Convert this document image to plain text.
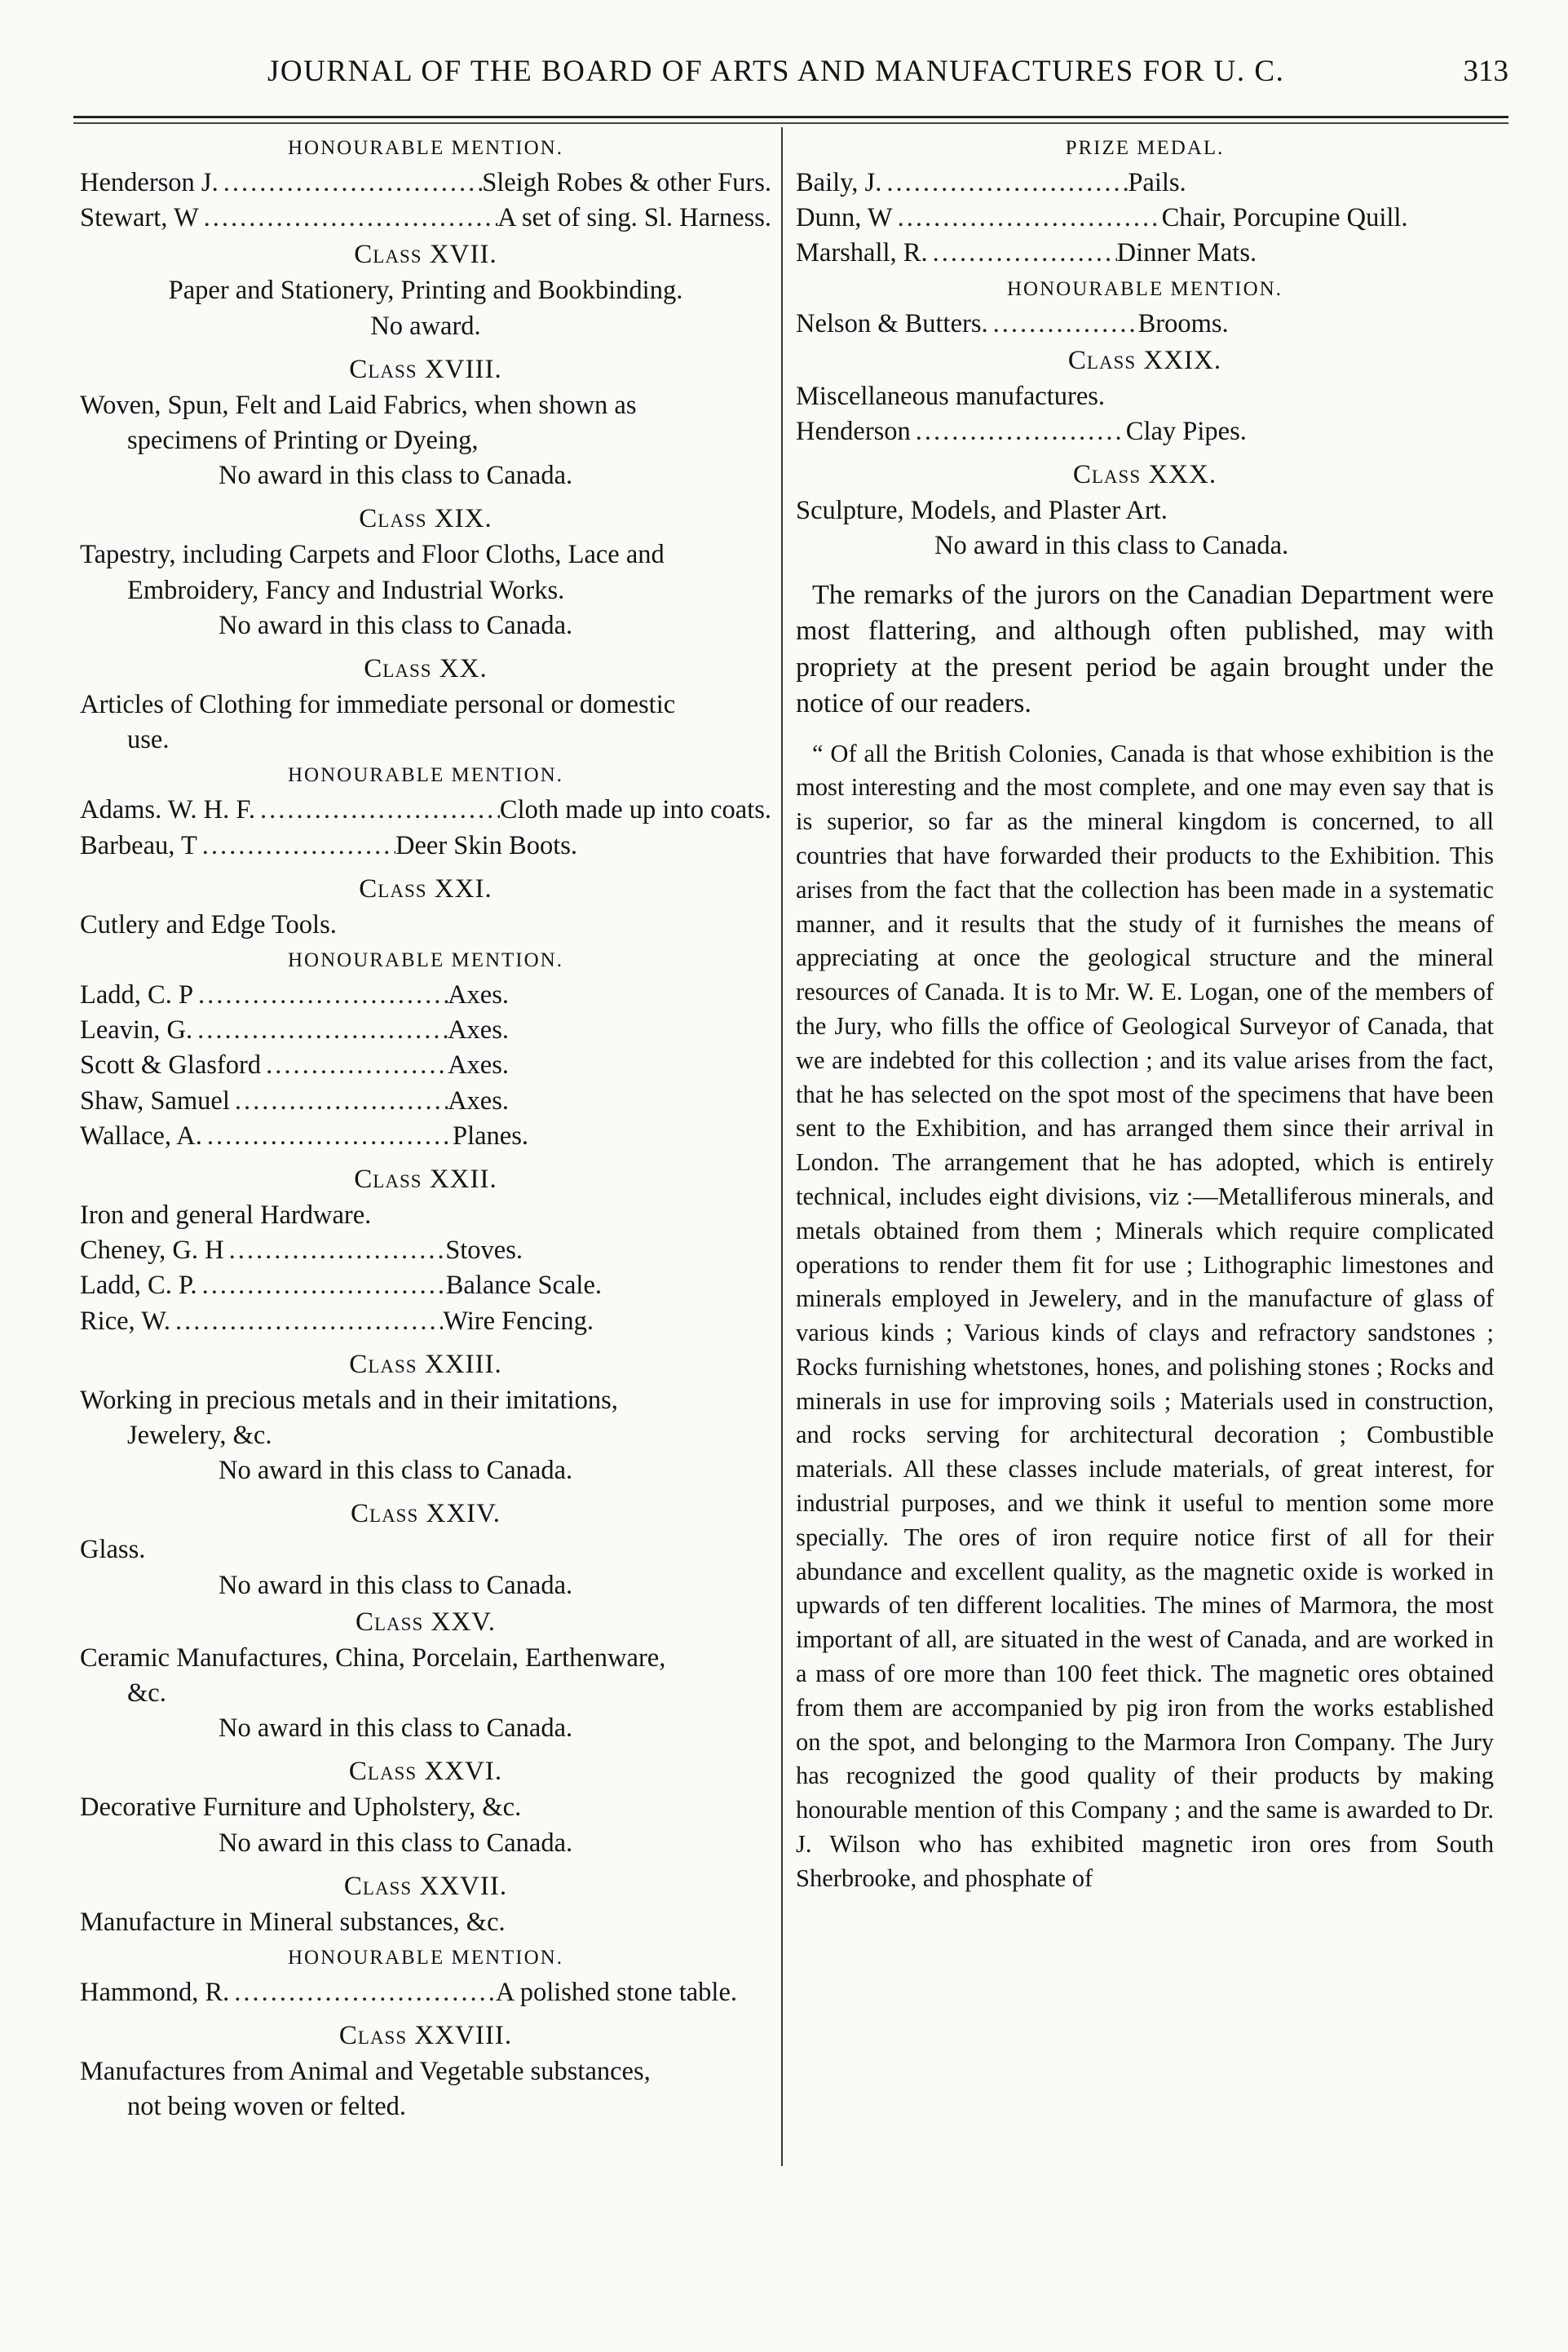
JOURNAL OF THE BOARD OF ARTS AND MANUFACTURES FOR U. C.	313
HONOURABLE MENTION.
Henderson J. .....	Sleigh Robes & other Furs.
Stewart, W .....	A set of sing. Sl. Harness.
Class XVII.
Paper and Stationery, Printing and Bookbinding.
No award.
Class XVIII.
Woven, Spun, Felt and Laid Fabrics, when shown as
specimens of Printing or Dyeing,
No award in this class to Canada.
Class XIX.
Tapestry, including Carpets and Floor Cloths, Lace and
Embroidery, Fancy and Industrial Works.
No award in this class to Canada.
Class XX.
Articles of Clothing for immediate personal or domestic
use.
HONOURABLE MENTION.
Adams. W. H. F. .....	Cloth made up into coats.
Barbeau, T .....	Deer Skin Boots.
Class XXI.
Cutlery and Edge Tools.
HONOURABLE MENTION.
Ladd, C. P .....	Axes.
Leavin, G. .....	Axes.
Scott & Glasford .....	Axes.
Shaw, Samuel .....	Axes.
Wallace, A. .....	Planes.
Class XXII.
Iron and general Hardware.
Cheney, G. H .....	Stoves.
Ladd, C. P. .....	Balance Scale.
Rice, W. .....	Wire Fencing.
Class XXIII.
Working in precious metals and in their imitations,
Jewelery, &c.
No award in this class to Canada.
Class XXIV.
Glass.
No award in this class to Canada.
Class XXV.
Ceramic Manufactures, China, Porcelain, Earthenware,
&c.
No award in this class to Canada.
Class XXVI.
Decorative Furniture and Upholstery, &c.
No award in this class to Canada.
Class XXVII.
Manufacture in Mineral substances, &c.
HONOURABLE MENTION.
Hammond, R. .....	A polished stone table.
Class XXVIII.
Manufactures from Animal and Vegetable substances,
not being woven or felted.
PRIZE MEDAL.
Baily, J. .....	Pails.
Dunn, W .....	Chair, Porcupine Quill.
Marshall, R. .....	Dinner Mats.
HONOURABLE MENTION.
Nelson & Butters. .....	Brooms.
Class XXIX.
Miscellaneous manufactures.
Henderson .....	Clay Pipes.
Class XXX.
Sculpture, Models, and Plaster Art.
No award in this class to Canada.
The remarks of the jurors on the Canadian Department were most flattering, and although often published, may with propriety at the present period be again brought under the notice of our readers.
“ Of all the British Colonies, Canada is that whose exhibition is the most interesting and the most complete, and one may even say that is is superior, so far as the mineral kingdom is concerned, to all countries that have forwarded their products to the Exhibition. This arises from the fact that the collection has been made in a systematic manner, and it results that the study of it furnishes the means of appreciating at once the geological structure and the mineral resources of Canada. It is to Mr. W. E. Logan, one of the members of the Jury, who fills the office of Geological Surveyor of Canada, that we are indebted for this collection ; and its value arises from the fact, that he has selected on the spot most of the specimens that have been sent to the Exhibition, and has arranged them since their arrival in London. The arrangement that he has adopted, which is entirely technical, includes eight divisions, viz :—Metalliferous minerals, and metals obtained from them ; Minerals which require complicated operations to render them fit for use ; Lithographic limestones and minerals employed in Jewelery, and in the manufacture of glass of various kinds ; Various kinds of clays and refractory sandstones ; Rocks furnishing whetstones, hones, and polishing stones ; Rocks and minerals in use for improving soils ; Materials used in construction, and rocks serving for architectural decoration ; Combustible materials. All these classes include materials, of great interest, for industrial purposes, and we think it useful to mention some more specially. The ores of iron require notice first of all for their abundance and excellent quality, as the magnetic oxide is worked in upwards of ten different localities. The mines of Marmora, the most important of all, are situated in the west of Canada, and are worked in a mass of ore more than 100 feet thick. The magnetic ores obtained from them are accompanied by pig iron from the works established on the spot, and belonging to the Marmora Iron Company. The Jury has recognized the good quality of their products by making honourable mention of this Company ; and the same is awarded to Dr. J. Wilson who has exhibited magnetic iron ores from South Sherbrooke, and phosphate of
